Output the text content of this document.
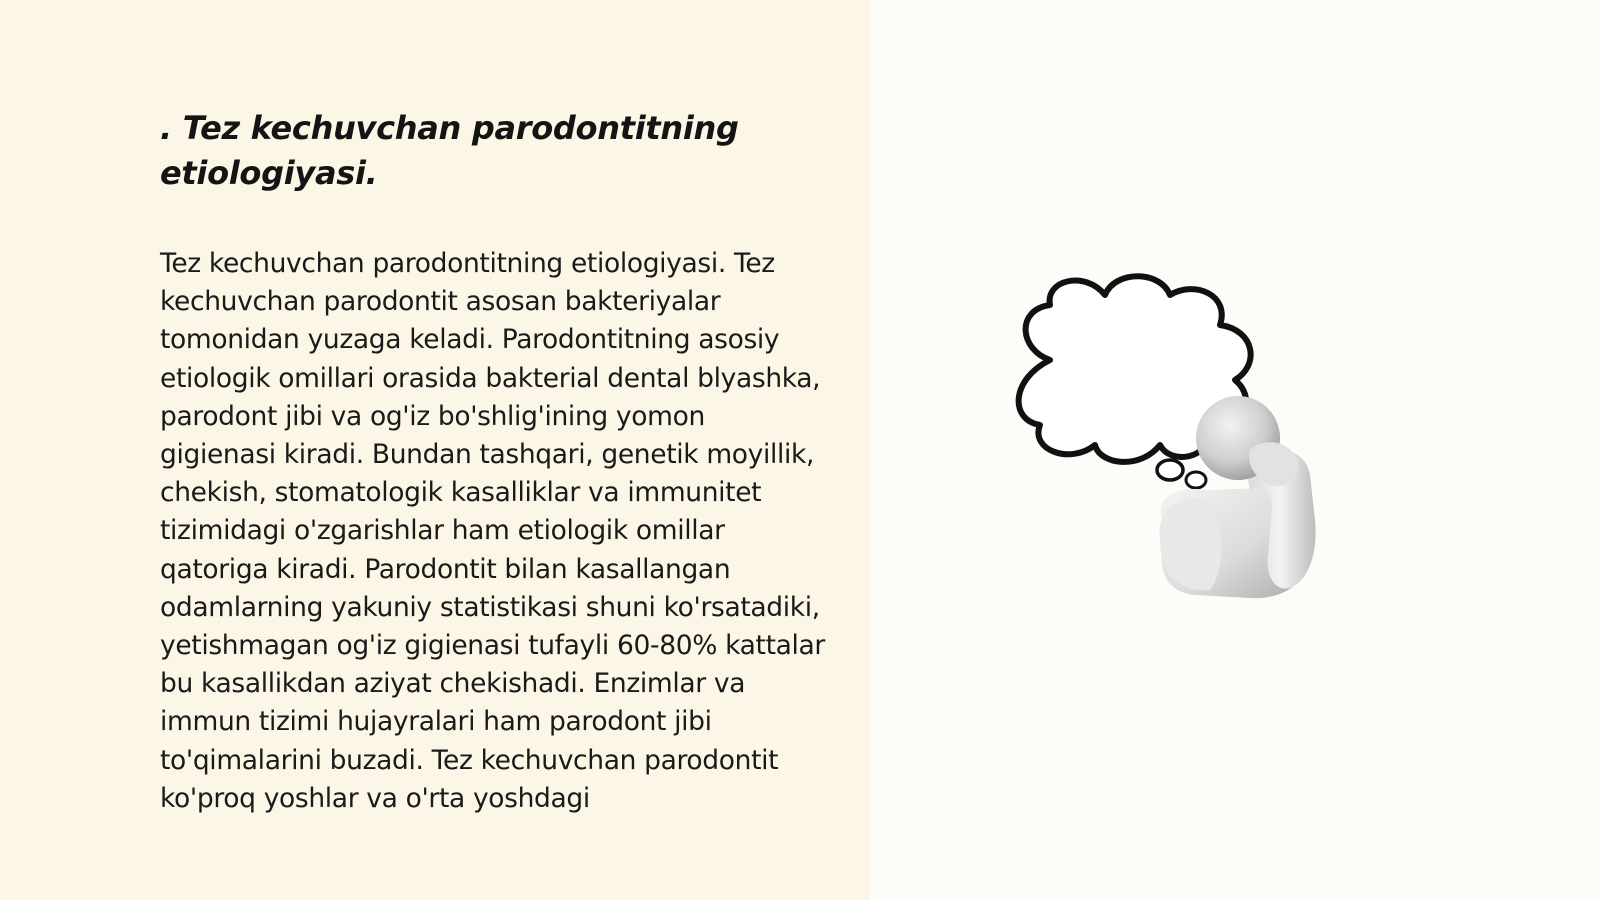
. Tez kechuvchan parodontitning etiologiyasi.

Tez kechuvchan parodontitning etiologiyasi. Tez kechuvchan parodontit asosan bakteriyalar tomonidan yuzaga keladi. Parodontitning asosiy etiologik omillari orasida bakterial dental blyashka, parodont jibi va og'iz bo'shlig'ining yomon gigienasi kiradi. Bundan tashqari, genetik moyillik, chekish, stomatologik kasalliklar va immunitet tizimidagi o'zgarishlar ham etiologik omillar qatoriga kiradi. Parodontit bilan kasallangan odamlarning yakuniy statistikasi shuni ko'rsatadiki, yetishmagan og'iz gigienasi tufayli 60-80% kattalar bu kasallikdan aziyat chekishadi. Enzimlar va immun tizimi hujayralari ham parodont jibi to'qimalarini buzadi. Tez kechuvchan parodontit ko'proq yoshlar va o'rta yoshdagi
